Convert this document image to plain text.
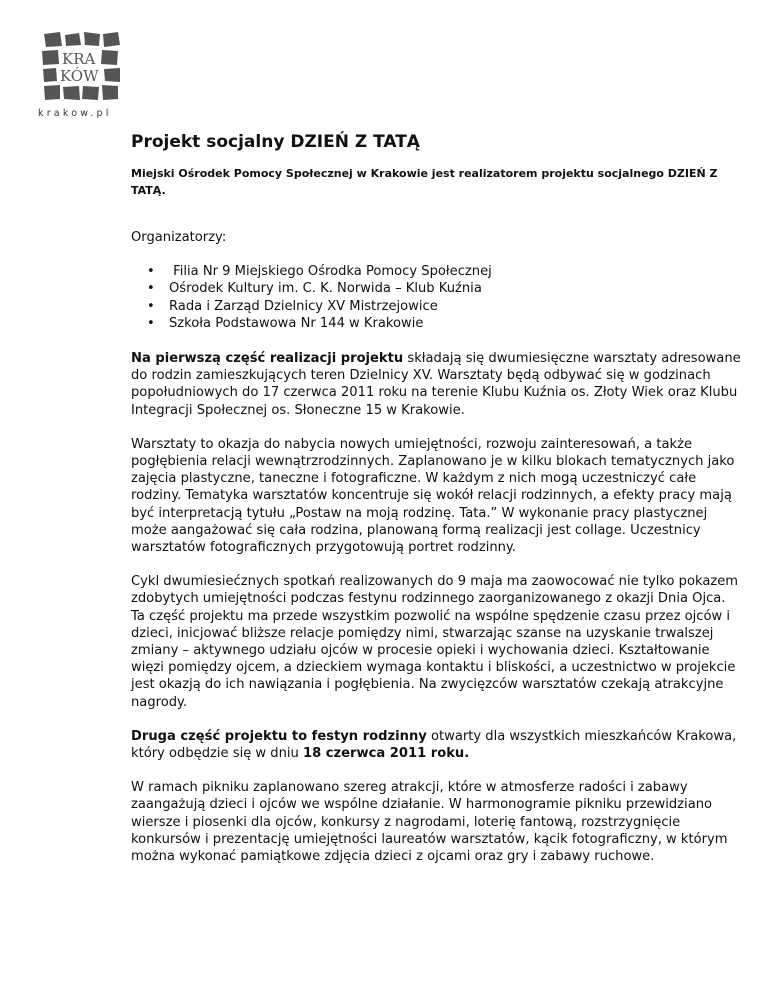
KRA
KÓW
krakow.pl
Projekt socjalny DZIEŃ Z TATĄ

Miejski Ośrodek Pomocy Społecznej w Krakowie jest realizatorem projektu socjalnego DZIEŃ Z TATĄ.

Organizatorzy:

• Filia Nr 9 Miejskiego Ośrodka Pomocy Społecznej
• Ośrodek Kultury im. C. K. Norwida – Klub Kuźnia
• Rada i Zarząd Dzielnicy XV Mistrzejowice
• Szkoła Podstawowa Nr 144 w Krakowie

Na pierwszą część realizacji projektu składają się dwumiesięczne warsztaty adresowane do rodzin zamieszkujących teren Dzielnicy XV. Warsztaty będą odbywać się w godzinach popołudniowych do 17 czerwca 2011 roku na terenie Klubu Kuźnia os. Złoty Wiek oraz Klubu Integracji Społecznej os. Słoneczne 15 w Krakowie.

Warsztaty to okazja do nabycia nowych umiejętności, rozwoju zainteresowań, a także pogłębienia relacji wewnątrzrodzinnych. Zaplanowano je w kilku blokach tematycznych jako zajęcia plastyczne, taneczne i fotograficzne. W każdym z nich mogą uczestniczyć całe rodziny. Tematyka warsztatów koncentruje się wokół relacji rodzinnych, a efekty pracy mają być interpretacją tytułu „Postaw na moją rodzinę. Tata.” W wykonanie pracy plastycznej może aangażować się cała rodzina, planowaną formą realizacji jest collage. Uczestnicy warsztatów fotograficznych przygotowują portret rodzinny.

Cykl dwumiesiećznych spotkań realizowanych do 9 maja ma zaowocować nie tylko pokazem zdobytych umiejętności podczas festynu rodzinnego zaorganizowanego z okazji Dnia Ojca. Ta część projektu ma przede wszystkim pozwolić na wspólne spędzenie czasu przez ojców i dzieci, inicjować bliższe relacje pomiędzy nimi, stwarzając szanse na uzyskanie trwalszej zmiany – aktywnego udziału ojców w procesie opieki i wychowania dzieci. Kształtowanie więzi pomiędzy ojcem, a dzieckiem wymaga kontaktu i bliskości, a uczestnictwo w projekcie jest okazją do ich nawiązania i pogłębienia. Na zwycięzców warsztatów czekają atrakcyjne nagrody.

Druga część projektu to festyn rodzinny otwarty dla wszystkich mieszkańców Krakowa, który odbędzie się w dniu 18 czerwca 2011 roku.

W ramach pikniku zaplanowano szereg atrakcji, które w atmosferze radości i zabawy zaangażują dzieci i ojców we wspólne działanie. W harmonogramie pikniku przewidziano wiersze i piosenki dla ojców, konkursy z nagrodami, loterię fantową, rozstrzygnięcie konkursów i prezentację umiejętności laureatów warsztatów, kącik fotograficzny, w którym można wykonać pamiątkowe zdjęcia dzieci z ojcami oraz gry i zabawy ruchowe.
